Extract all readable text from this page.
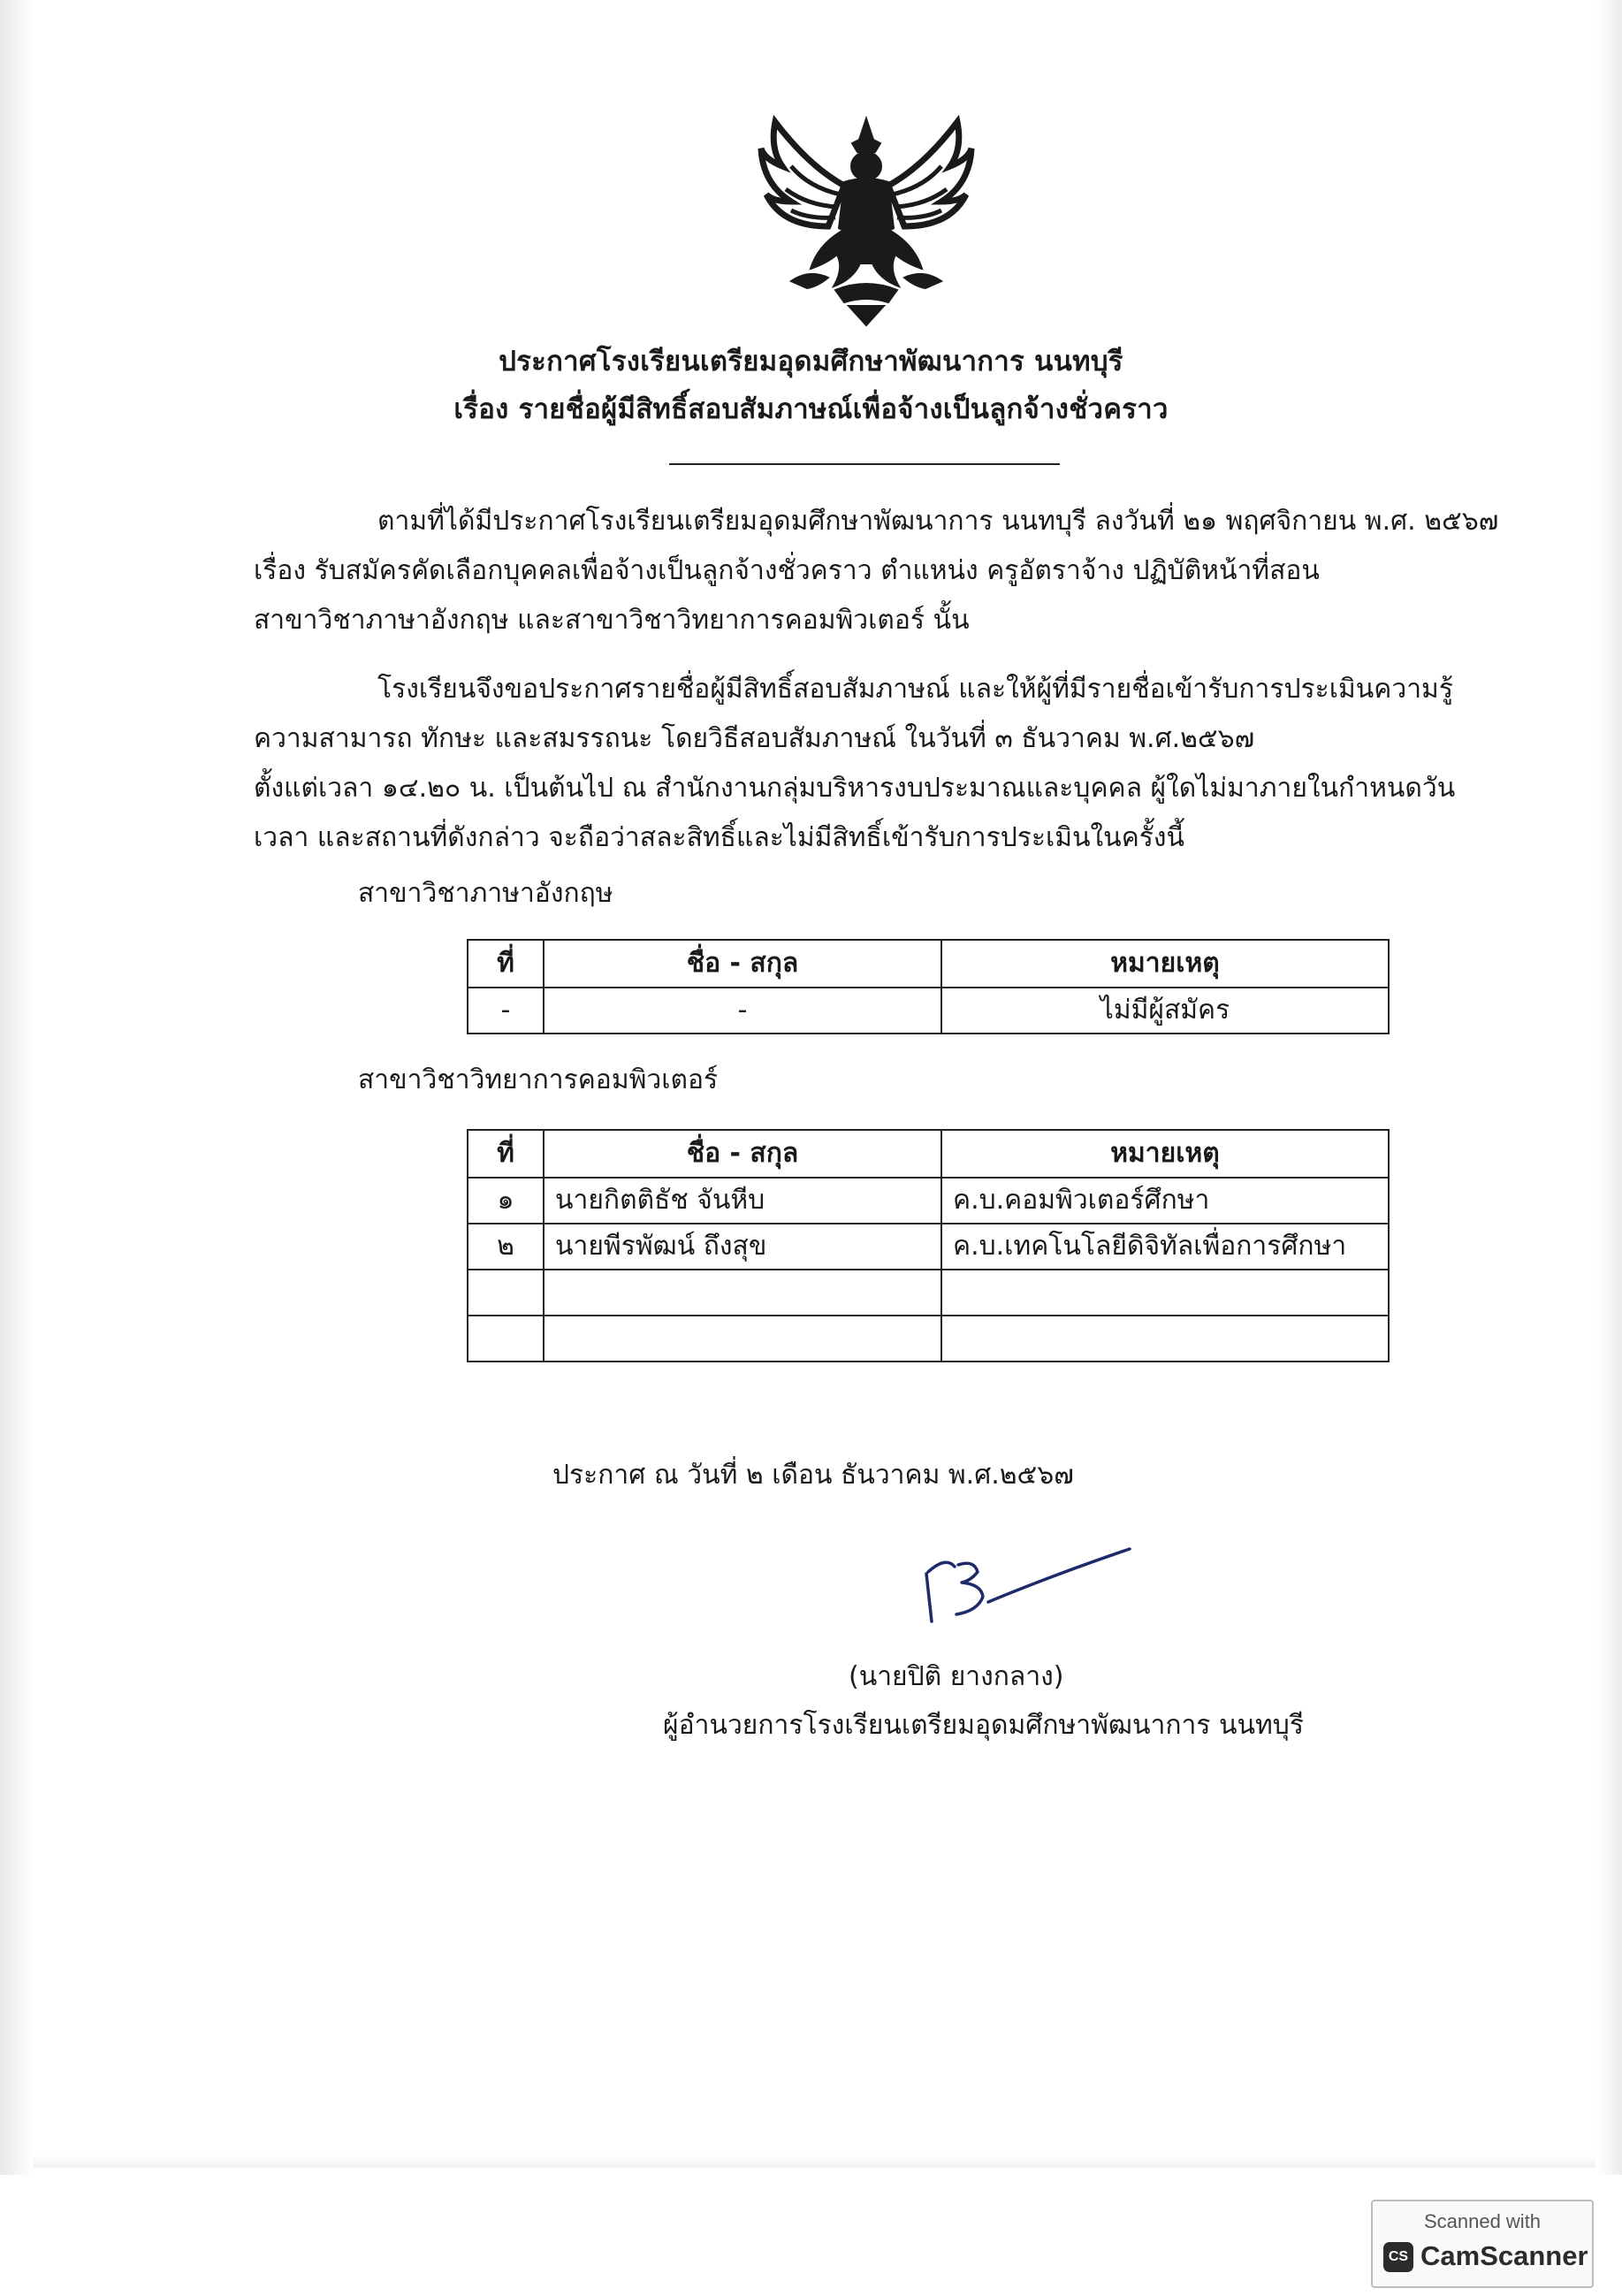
ประกาศโรงเรียนเตรียมอุดมศึกษาพัฒนาการ นนทบุรี
เรื่อง รายชื่อผู้มีสิทธิ์สอบสัมภาษณ์เพื่อจ้างเป็นลูกจ้างชั่วคราว
ตามที่ได้มีประกาศโรงเรียนเตรียมอุดมศึกษาพัฒนาการ นนทบุรี ลงวันที่ ๒๑ พฤศจิกายน พ.ศ. ๒๕๖๗
เรื่อง รับสมัครคัดเลือกบุคคลเพื่อจ้างเป็นลูกจ้างชั่วคราว ตำแหน่ง ครูอัตราจ้าง ปฏิบัติหน้าที่สอน
สาขาวิชาภาษาอังกฤษ และสาขาวิชาวิทยาการคอมพิวเตอร์ นั้น
โรงเรียนจึงขอประกาศรายชื่อผู้มีสิทธิ์สอบสัมภาษณ์ และให้ผู้ที่มีรายชื่อเข้ารับการประเมินความรู้
ความสามารถ ทักษะ และสมรรถนะ โดยวิธีสอบสัมภาษณ์ ในวันที่ ๓ ธันวาคม พ.ศ.๒๕๖๗
ตั้งแต่เวลา ๑๔.๒๐ น. เป็นต้นไป ณ สำนักงานกลุ่มบริหารงบประมาณและบุคคล ผู้ใดไม่มาภายในกำหนดวัน
เวลา และสถานที่ดังกล่าว จะถือว่าสละสิทธิ์และไม่มีสิทธิ์เข้ารับการประเมินในครั้งนี้
สาขาวิชาภาษาอังกฤษ
ที่	ชื่อ - สกุล	หมายเหตุ
-	-	ไม่มีผู้สมัคร
สาขาวิชาวิทยาการคอมพิวเตอร์
ที่	ชื่อ - สกุล	หมายเหตุ
๑	นายกิตติธัช จันหีบ	ค.บ.คอมพิวเตอร์ศึกษา
๒	นายพีรพัฒน์ ถึงสุข	ค.บ.เทคโนโลยีดิจิทัลเพื่อการศึกษา

ประกาศ ณ วันที่ ๒ เดือน ธันวาคม พ.ศ.๒๕๖๗
(นายปิติ ยางกลาง)
ผู้อำนวยการโรงเรียนเตรียมอุดมศึกษาพัฒนาการ นนทบุรี
Scanned with
CS CamScanner
